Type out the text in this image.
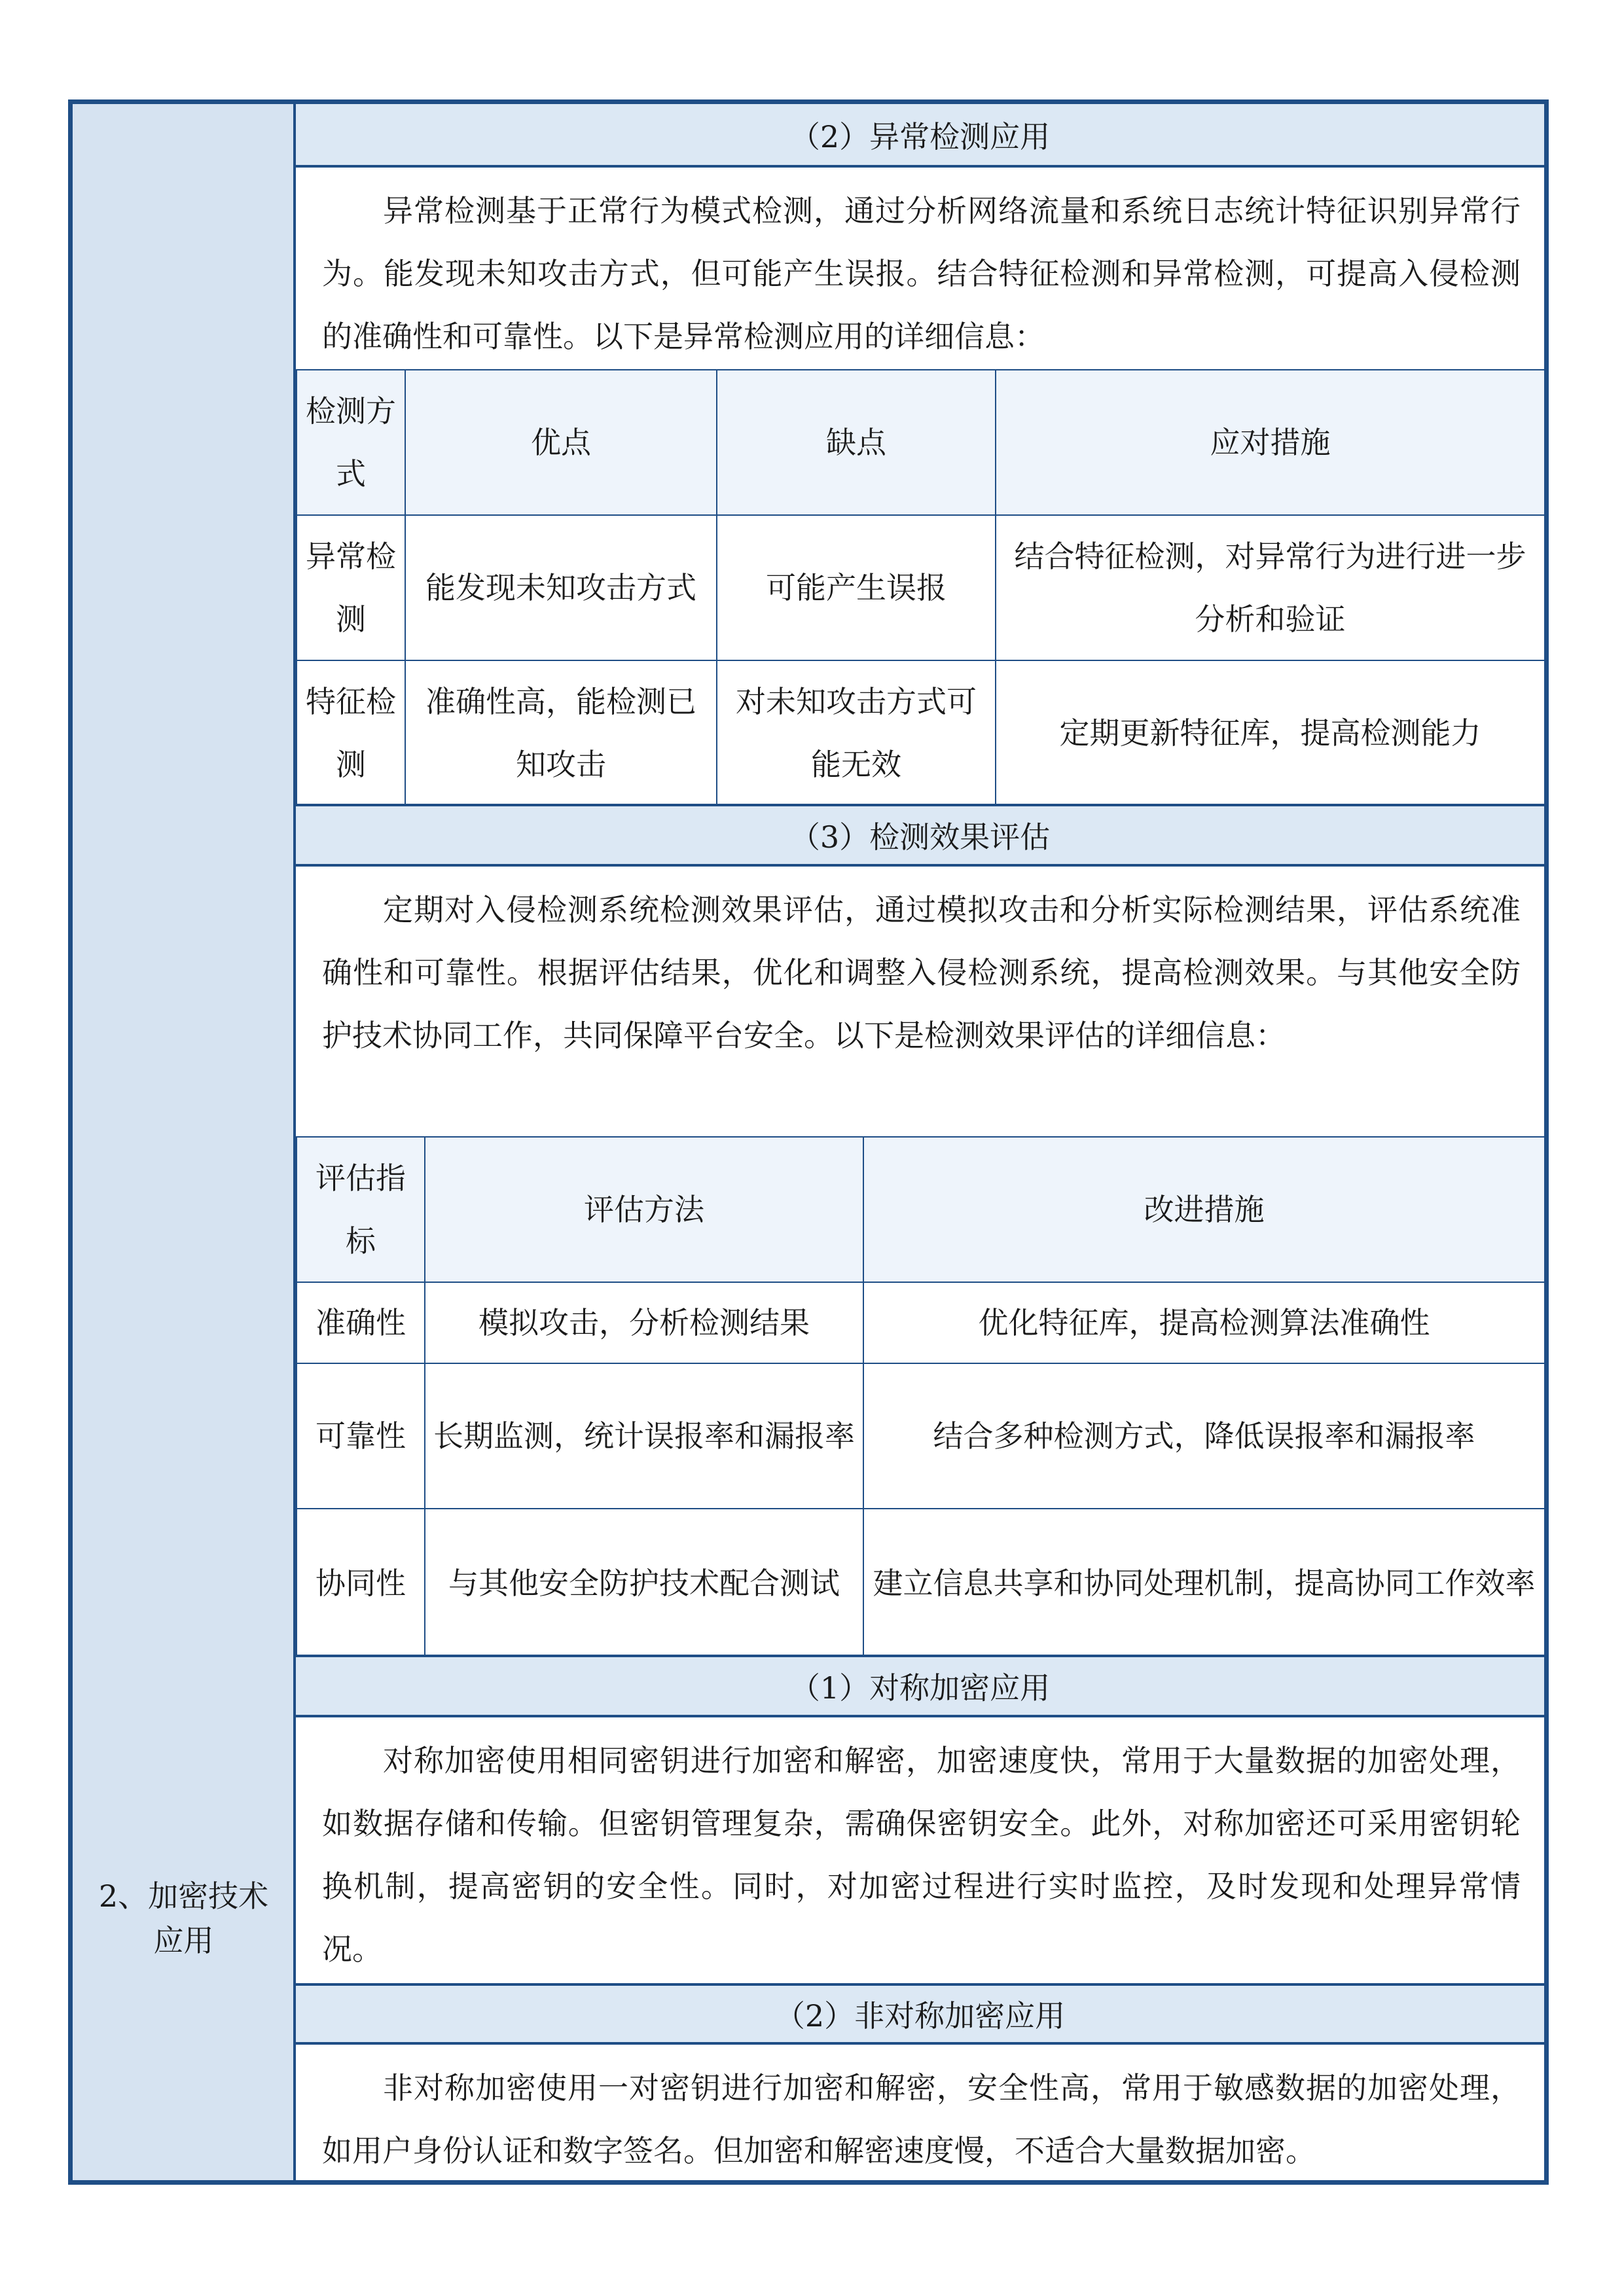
2、加密技术应用
（2）异常检测应用
异常检测基于正常行为模式检测，通过分析网络流量和系统日志统计特征识别异常行为。能发现未知攻击方式，但可能产生误报。结合特征检测和异常检测，可提高入侵检测的准确性和可靠性。以下是异常检测应用的详细信息：
检测方式	优点	缺点	应对措施
异常检测	能发现未知攻击方式	可能产生误报	结合特征检测，对异常行为进行进一步分析和验证
特征检测	准确性高，能检测已知攻击	对未知攻击方式可能无效	定期更新特征库，提高检测能力
（3）检测效果评估
定期对入侵检测系统检测效果评估，通过模拟攻击和分析实际检测结果，评估系统准确性和可靠性。根据评估结果，优化和调整入侵检测系统，提高检测效果。与其他安全防护技术协同工作，共同保障平台安全。以下是检测效果评估的详细信息：
评估指标	评估方法	改进措施
准确性	模拟攻击，分析检测结果	优化特征库，提高检测算法准确性
可靠性	长期监测，统计误报率和漏报率	结合多种检测方式，降低误报率和漏报率
协同性	与其他安全防护技术配合测试	建立信息共享和协同处理机制，提高协同工作效率
（1）对称加密应用
对称加密使用相同密钥进行加密和解密，加密速度快，常用于大量数据的加密处理，如数据存储和传输。但密钥管理复杂，需确保密钥安全。此外，对称加密还可采用密钥轮换机制，提高密钥的安全性。同时，对加密过程进行实时监控，及时发现和处理异常情况。
（2）非对称加密应用
非对称加密使用一对密钥进行加密和解密，安全性高，常用于敏感数据的加密处理，如用户身份认证和数字签名。但加密和解密速度慢，不适合大量数据加密。
